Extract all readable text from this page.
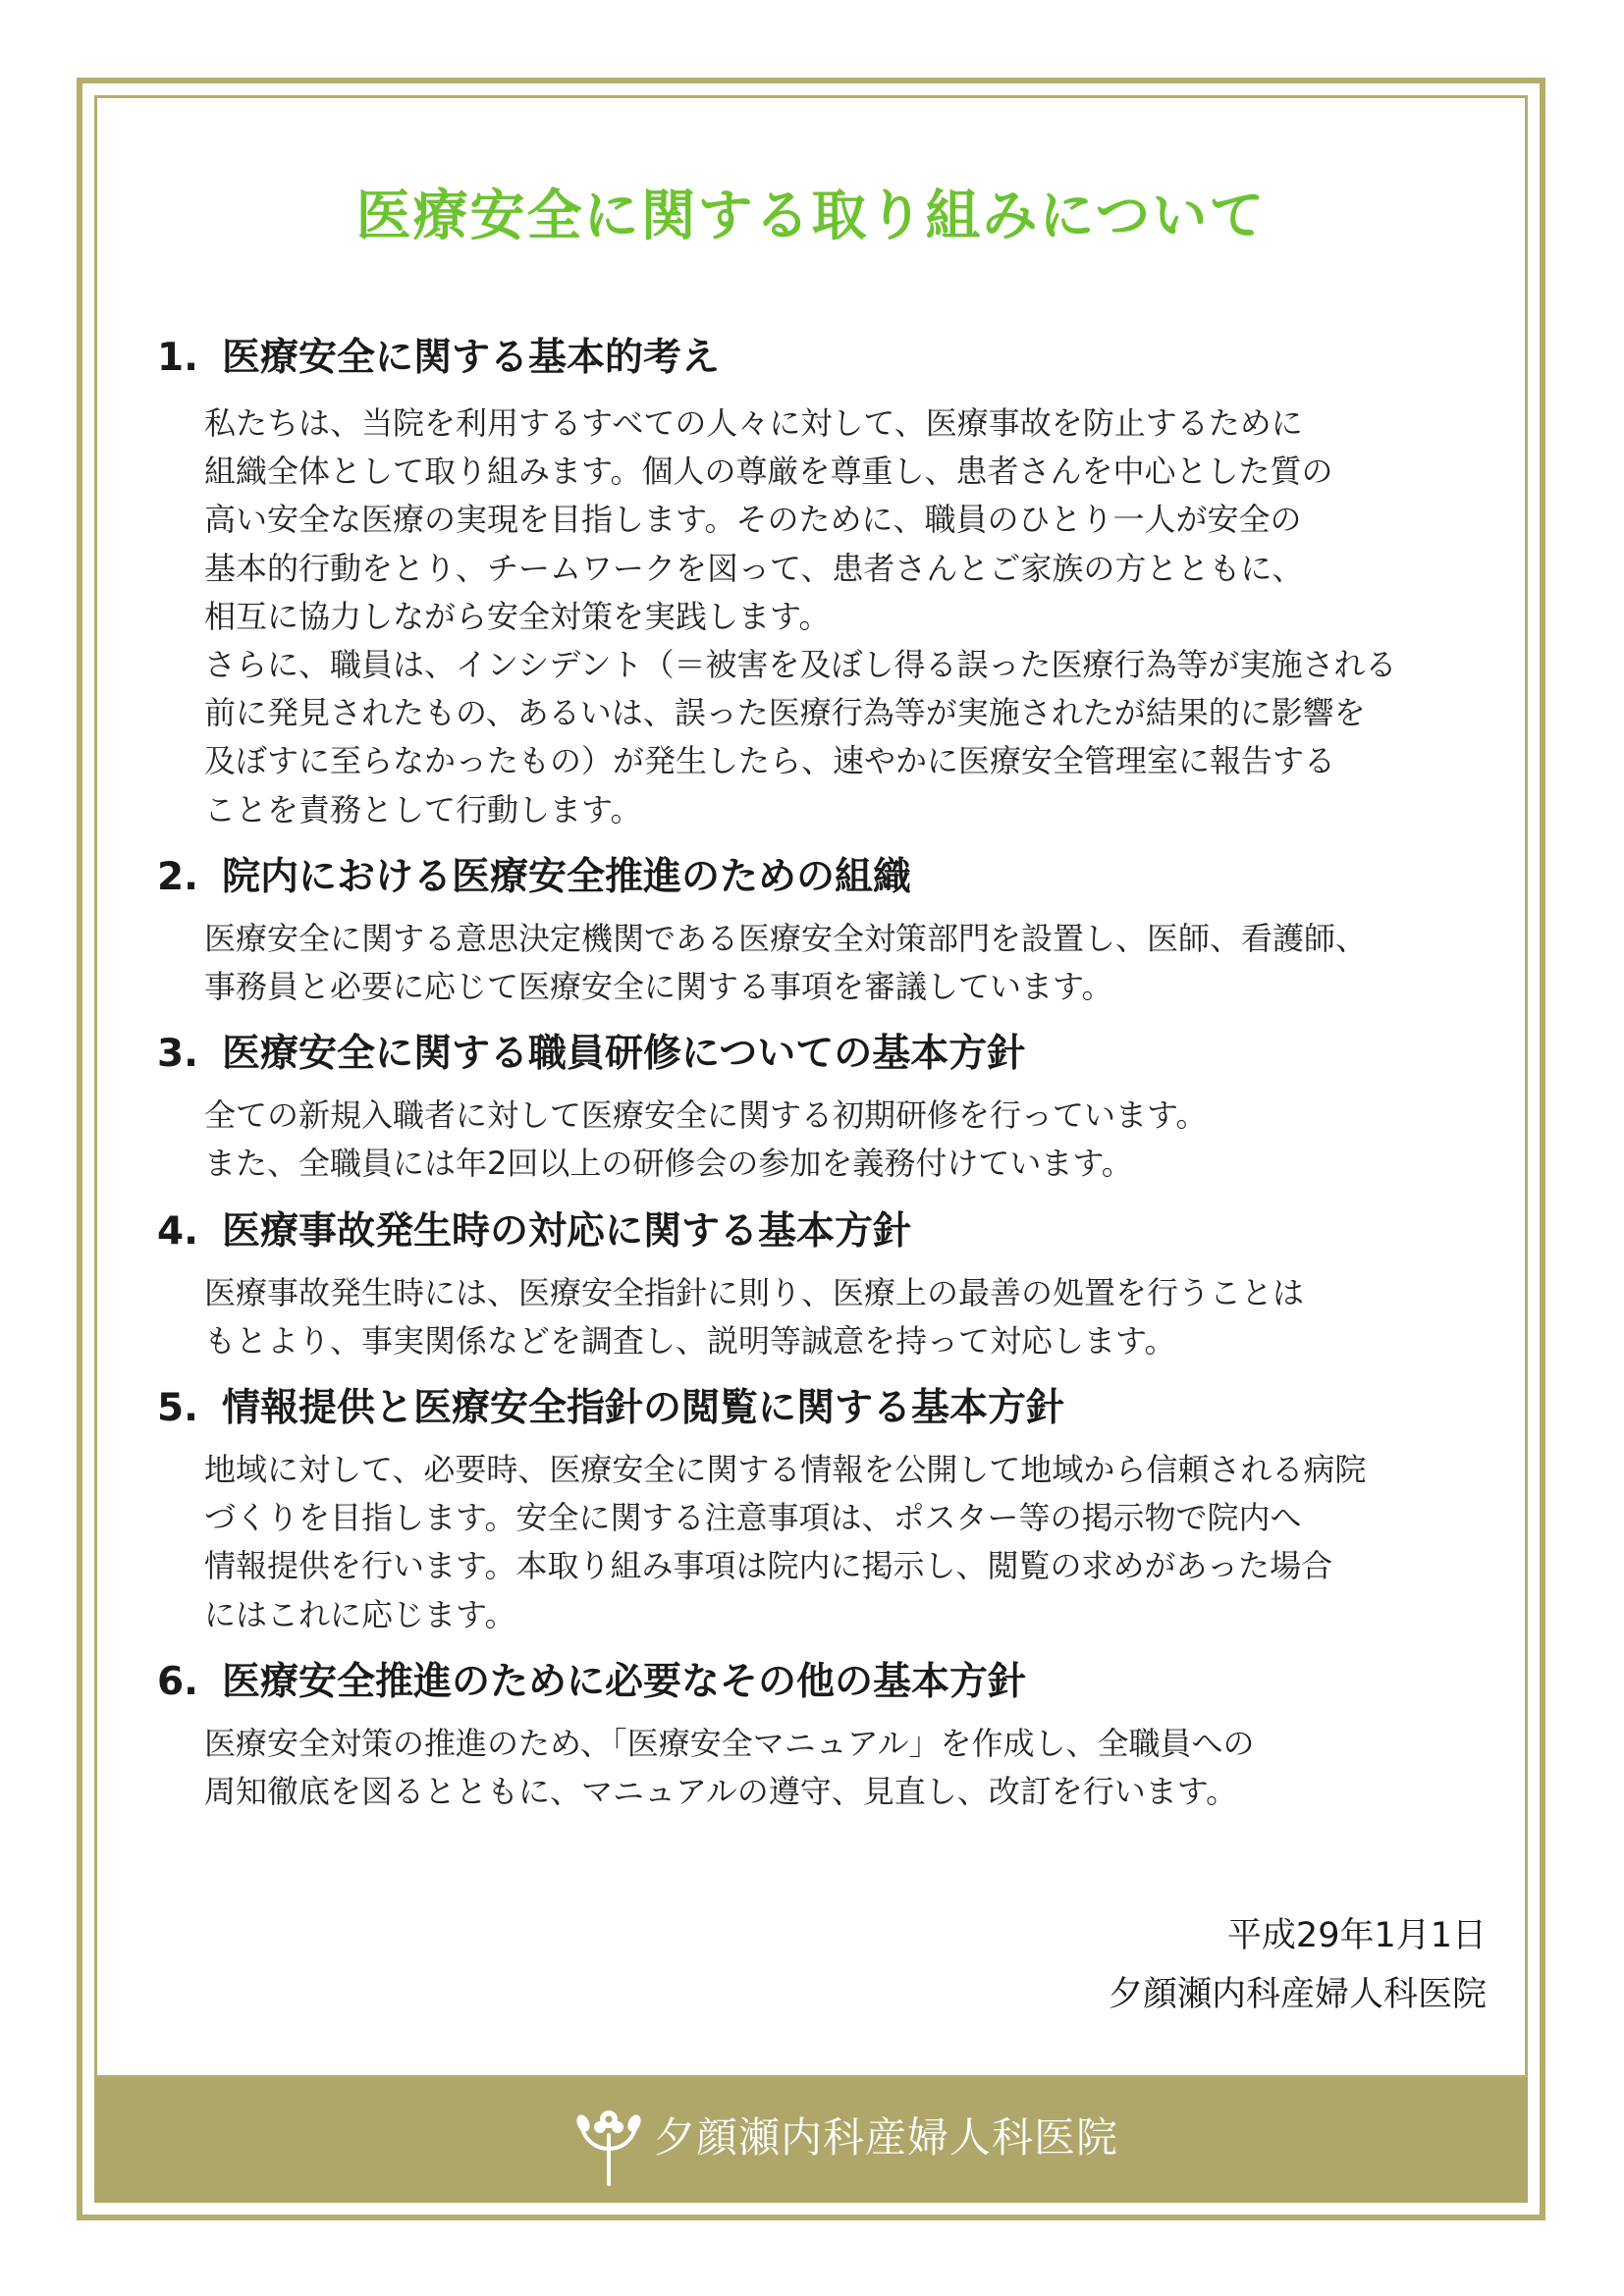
医療安全に関する取り組みについて
1. 医療安全に関する基本的考え
私たちは、当院を利用するすべての人々に対して、医療事故を防止するために
組織全体として取り組みます。個人の尊厳を尊重し、患者さんを中心とした質の
高い安全な医療の実現を目指します。そのために、職員のひとり一人が安全の
基本的行動をとり、チームワークを図って、患者さんとご家族の方とともに、
相互に協力しながら安全対策を実践します。
さらに、職員は、インシデント（＝被害を及ぼし得る誤った医療行為等が実施される
前に発見されたもの、あるいは、誤った医療行為等が実施されたが結果的に影響を
及ぼすに至らなかったもの）が発生したら、速やかに医療安全管理室に報告する
ことを責務として行動します。
2. 院内における医療安全推進のための組織
医療安全に関する意思決定機関である医療安全対策部門を設置し、医師、看護師、
事務員と必要に応じて医療安全に関する事項を審議しています。
3. 医療安全に関する職員研修についての基本方針
全ての新規入職者に対して医療安全に関する初期研修を行っています。
また、全職員には年2回以上の研修会の参加を義務付けています。
4. 医療事故発生時の対応に関する基本方針
医療事故発生時には、医療安全指針に則り、医療上の最善の処置を行うことは
もとより、事実関係などを調査し、説明等誠意を持って対応します。
5. 情報提供と医療安全指針の閲覧に関する基本方針
地域に対して、必要時、医療安全に関する情報を公開して地域から信頼される病院
づくりを目指します。安全に関する注意事項は、ポスター等の掲示物で院内へ
情報提供を行います。本取り組み事項は院内に掲示し、閲覧の求めがあった場合
にはこれに応じます。
6. 医療安全推進のために必要なその他の基本方針
医療安全対策の推進のため、「医療安全マニュアル」を作成し、全職員への
周知徹底を図るとともに、マニュアルの遵守、見直し、改訂を行います。
平成29年1月1日
夕顔瀬内科産婦人科医院
夕顔瀬内科産婦人科医院
